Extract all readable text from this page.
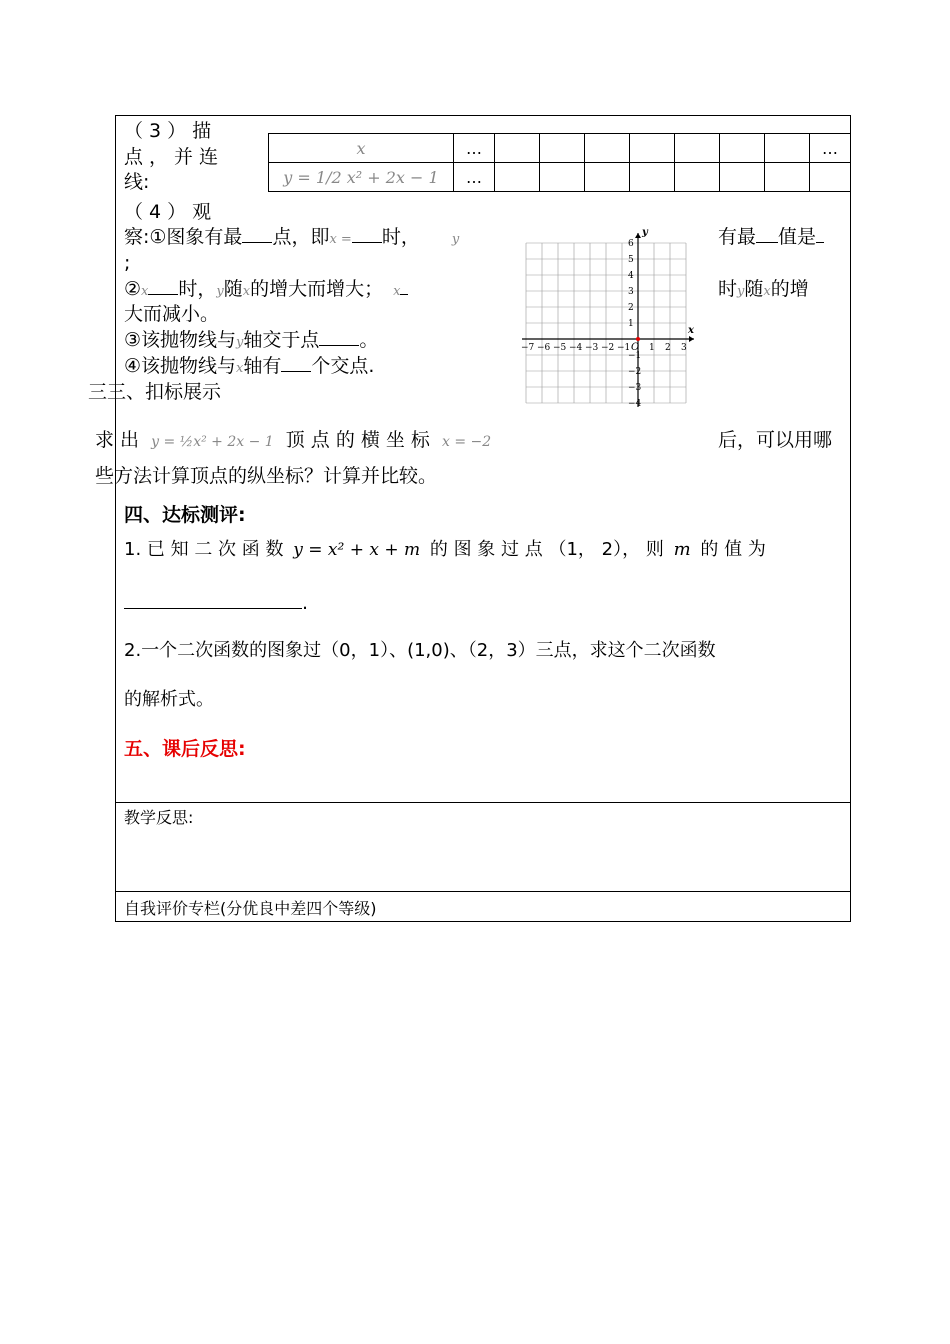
（3）描
点，并连
线:
x	…								…
y = 1/2 x² + 2x − 1	…								
（4）观
察:①图象有最 点，即x = 时， y	有最 值是
;
②x 时，y随x的增大而增大； x	时y随x的增
大而减小。
③该抛物线与y轴交于点 。
④该抛物线与x轴有 个交点.
x
y
O
−7 −6 −5 −4 −3 −2 −1 1 2 3
6
5
4
3
2
1
−1
−2
−3
−4
三三、扣标展示
求 出 y = ½x² + 2x − 1 顶 点 的 横 坐 标 x = −2	后，可以用哪
些方法计算顶点的纵坐标？计算并比较。
四、达标测评:
1. 已 知 二 次 函 数 y = x² + x + m 的 图 象 过 点 （1， 2）， 则 m 的 值 为
.
2.一个二次函数的图象过（0，1）、(1,0)、（2，3）三点，求这个二次函数
的解析式。
五、课后反思:
教学反思:
自我评价专栏(分优良中差四个等级)
